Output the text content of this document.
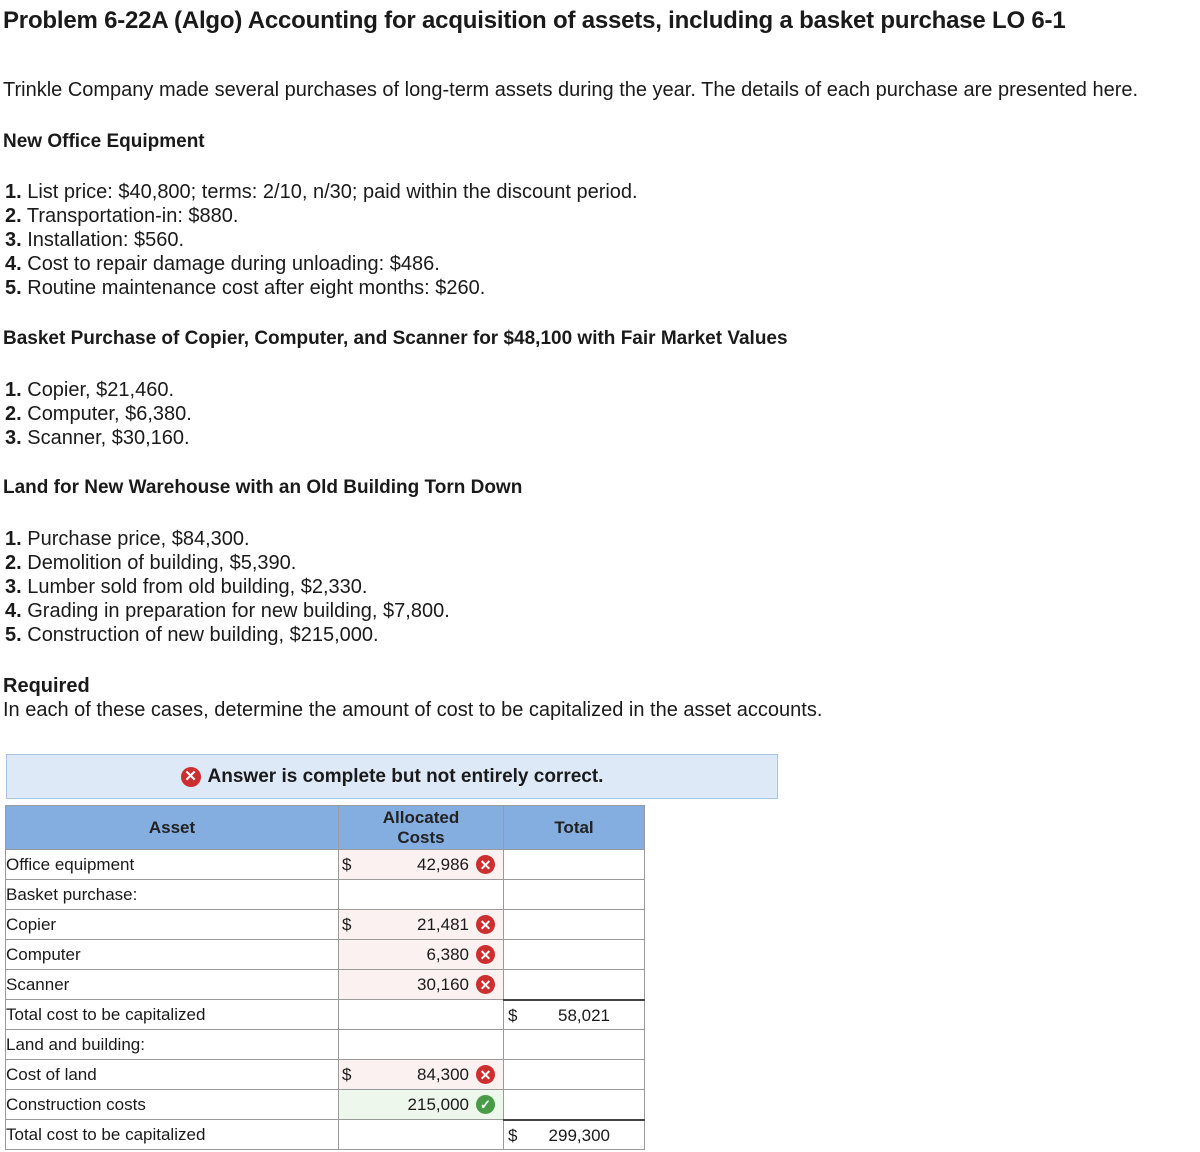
Problem 6-22A (Algo) Accounting for acquisition of assets, including a basket purchase LO 6-1
Trinkle Company made several purchases of long-term assets during the year. The details of each purchase are presented here.
New Office Equipment
1. List price: $40,800; terms: 2/10, n/30; paid within the discount period.
2. Transportation-in: $880.
3. Installation: $560.
4. Cost to repair damage during unloading: $486.
5. Routine maintenance cost after eight months: $260.
Basket Purchase of Copier, Computer, and Scanner for $48,100 with Fair Market Values
1. Copier, $21,460.
2. Computer, $6,380.
3. Scanner, $30,160.
Land for New Warehouse with an Old Building Torn Down
1. Purchase price, $84,300.
2. Demolition of building, $5,390.
3. Lumber sold from old building, $2,330.
4. Grading in preparation for new building, $7,800.
5. Construction of new building, $215,000.
Required
In each of these cases, determine the amount of cost to be capitalized in the asset accounts.
✕ Answer is complete but not entirely correct.
Asset	Allocated Costs	Total
Office equipment	$ 42,986 ✕	

Basket purchase:		
Copier	$ 21,481 ✕	

Computer	6,380 ✕	

Scanner	30,160 ✕	

Total cost to be capitalized		$ 58,021

Land and building:		
Cost of land	$ 84,300 ✕	

Construction costs	215,000 ✓	

Total cost to be capitalized		$ 299,300
